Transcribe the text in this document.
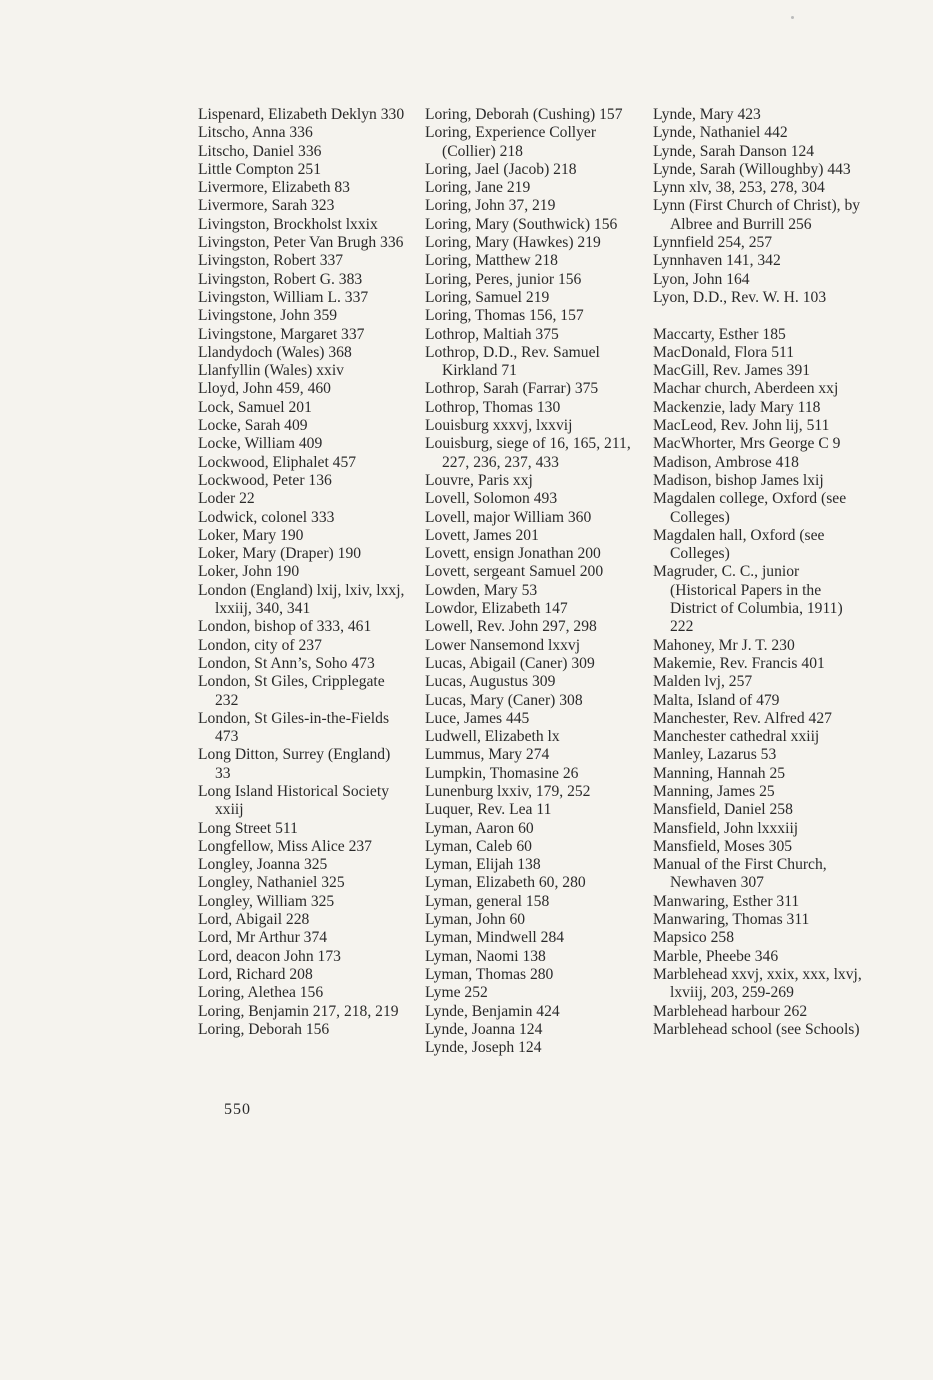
Lispenard, Elizabeth Deklyn 330
Litscho, Anna 336
Litscho, Daniel 336
Little Compton 251
Livermore, Elizabeth 83
Livermore, Sarah 323
Livingston, Brockholst lxxix
Livingston, Peter Van Brugh 336
Livingston, Robert 337
Livingston, Robert G. 383
Livingston, William L. 337
Livingstone, John 359
Livingstone, Margaret 337
Llandydoch (Wales) 368
Llanfyllin (Wales) xxiv
Lloyd, John 459, 460
Lock, Samuel 201
Locke, Sarah 409
Locke, William 409
Lockwood, Eliphalet 457
Lockwood, Peter 136
Loder 22
Lodwick, colonel 333
Loker, Mary 190
Loker, Mary (Draper) 190
Loker, John 190
London (England) lxij, lxiv, lxxj, lxxiij, 340, 341
London, bishop of 333, 461
London, city of 237
London, St Ann’s, Soho 473
London, St Giles, Cripplegate 232
London, St Giles-in-the-Fields 473
Long Ditton, Surrey (England) 33
Long Island Historical Society xxiij
Long Street 511
Longfellow, Miss Alice 237
Longley, Joanna 325
Longley, Nathaniel 325
Longley, William 325
Lord, Abigail 228
Lord, Mr Arthur 374
Lord, deacon John 173
Lord, Richard 208
Loring, Alethea 156
Loring, Benjamin 217, 218, 219
Loring, Deborah 156
Loring, Deborah (Cushing) 157
Loring, Experience Collyer (Collier) 218
Loring, Jael (Jacob) 218
Loring, Jane 219
Loring, John 37, 219
Loring, Mary (Southwick) 156
Loring, Mary (Hawkes) 219
Loring, Matthew 218
Loring, Peres, junior 156
Loring, Samuel 219
Loring, Thomas 156, 157
Lothrop, Maltiah 375
Lothrop, D.D., Rev. Samuel Kirkland 71
Lothrop, Sarah (Farrar) 375
Lothrop, Thomas 130
Louisburg xxxvj, lxxvij
Louisburg, siege of 16, 165, 211, 227, 236, 237, 433
Louvre, Paris xxj
Lovell, Solomon 493
Lovell, major William 360
Lovett, James 201
Lovett, ensign Jonathan 200
Lovett, sergeant Samuel 200
Lowden, Mary 53
Lowdor, Elizabeth 147
Lowell, Rev. John 297, 298
Lower Nansemond lxxvj
Lucas, Abigail (Caner) 309
Lucas, Augustus 309
Lucas, Mary (Caner) 308
Luce, James 445
Ludwell, Elizabeth lx
Lummus, Mary 274
Lumpkin, Thomasine 26
Lunenburg lxxiv, 179, 252
Luquer, Rev. Lea 11
Lyman, Aaron 60
Lyman, Caleb 60
Lyman, Elijah 138
Lyman, Elizabeth 60, 280
Lyman, general 158
Lyman, John 60
Lyman, Mindwell 284
Lyman, Naomi 138
Lyman, Thomas 280
Lyme 252
Lynde, Benjamin 424
Lynde, Joanna 124
Lynde, Joseph 124
Lynde, Mary 423
Lynde, Nathaniel 442
Lynde, Sarah Danson 124
Lynde, Sarah (Willoughby) 443
Lynn xlv, 38, 253, 278, 304
Lynn (First Church of Christ), by Albree and Burrill 256
Lynnfield 254, 257
Lynnhaven 141, 342
Lyon, John 164
Lyon, D.D., Rev. W. H. 103
Maccarty, Esther 185
MacDonald, Flora 511
MacGill, Rev. James 391
Machar church, Aberdeen xxj
Mackenzie, lady Mary 118
MacLeod, Rev. John lij, 511
MacWhorter, Mrs George C 9
Madison, Ambrose 418
Madison, bishop James lxij
Magdalen college, Oxford (see Colleges)
Magdalen hall, Oxford (see Colleges)
Magruder, C. C., junior (Historical Papers in the District of Columbia, 1911) 222
Mahoney, Mr J. T. 230
Makemie, Rev. Francis 401
Malden lvj, 257
Malta, Island of 479
Manchester, Rev. Alfred 427
Manchester cathedral xxiij
Manley, Lazarus 53
Manning, Hannah 25
Manning, James 25
Mansfield, Daniel 258
Mansfield, John lxxxiij
Mansfield, Moses 305
Manual of the First Church, Newhaven 307
Manwaring, Esther 311
Manwaring, Thomas 311
Mapsico 258
Marble, Pheebe 346
Marblehead xxvj, xxix, xxx, lxvj, lxviij, 203, 259-269
Marblehead harbour 262
Marblehead school (see Schools)
550
